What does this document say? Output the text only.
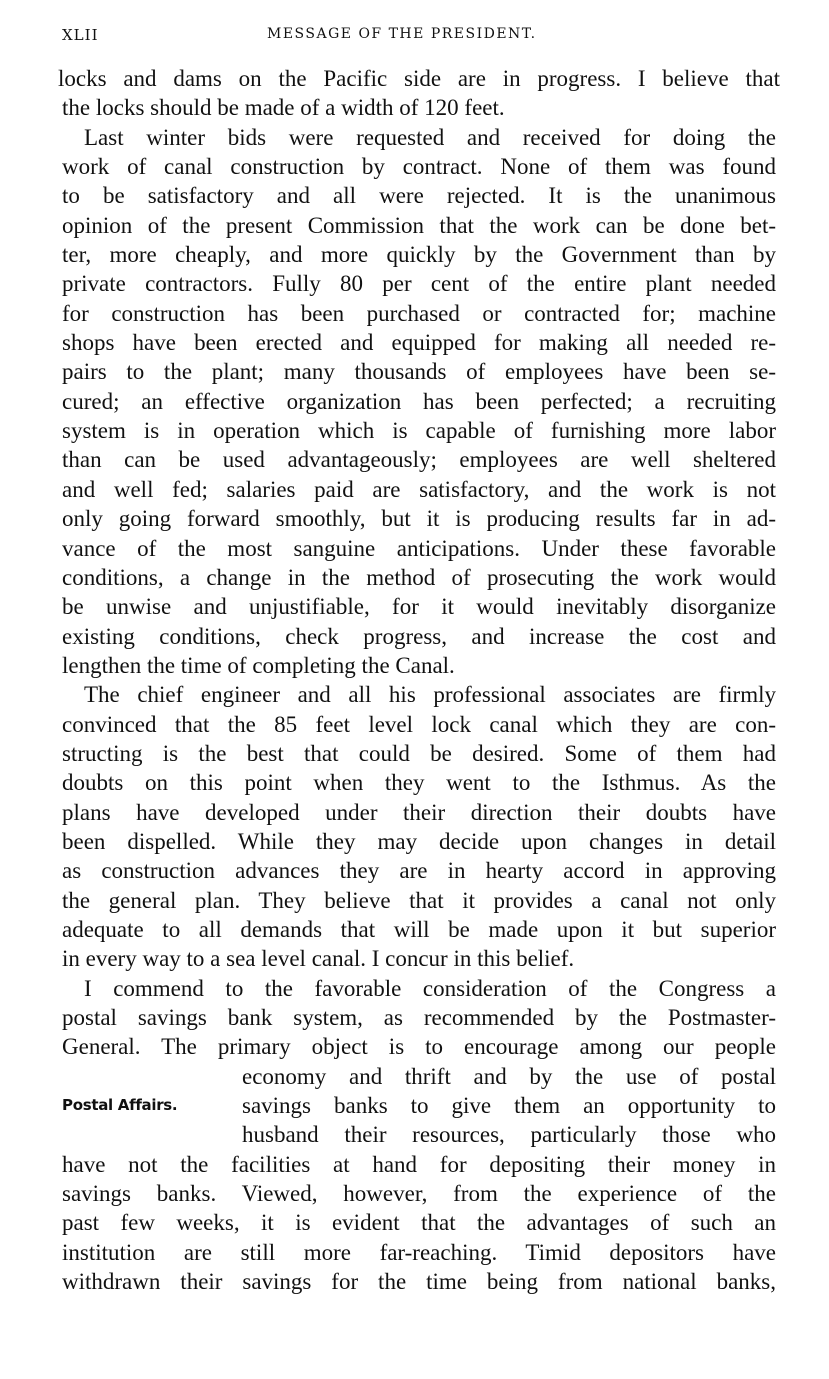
XLII	MESSAGE OF THE PRESIDENT.
locks and dams on the Pacific side are in progress. I believe that
the locks should be made of a width of 120 feet.
Last winter bids were requested and received for doing the
work of canal construction by contract. None of them was found
to be satisfactory and all were rejected. It is the unanimous
opinion of the present Commission that the work can be done bet-
ter, more cheaply, and more quickly by the Government than by
private contractors. Fully 80 per cent of the entire plant needed
for construction has been purchased or contracted for; machine
shops have been erected and equipped for making all needed re-
pairs to the plant; many thousands of employees have been se-
cured; an effective organization has been perfected; a recruiting
system is in operation which is capable of furnishing more labor
than can be used advantageously; employees are well sheltered
and well fed; salaries paid are satisfactory, and the work is not
only going forward smoothly, but it is producing results far in ad-
vance of the most sanguine anticipations. Under these favorable
conditions, a change in the method of prosecuting the work would
be unwise and unjustifiable, for it would inevitably disorganize
existing conditions, check progress, and increase the cost and
lengthen the time of completing the Canal.
The chief engineer and all his professional associates are firmly
convinced that the 85 feet level lock canal which they are con-
structing is the best that could be desired. Some of them had
doubts on this point when they went to the Isthmus. As the
plans have developed under their direction their doubts have
been dispelled. While they may decide upon changes in detail
as construction advances they are in hearty accord in approving
the general plan. They believe that it provides a canal not only
adequate to all demands that will be made upon it but superior
in every way to a sea level canal. I concur in this belief.
I commend to the favorable consideration of the Congress a
postal savings bank system, as recommended by the Postmaster-
General. The primary object is to encourage among our people
economy and thrift and by the use of postal
Postal Affairs.	savings banks to give them an opportunity to
husband their resources, particularly those who
have not the facilities at hand for depositing their money in
savings banks. Viewed, however, from the experience of the
past few weeks, it is evident that the advantages of such an
institution are still more far-reaching. Timid depositors have
withdrawn their savings for the time being from national banks,
